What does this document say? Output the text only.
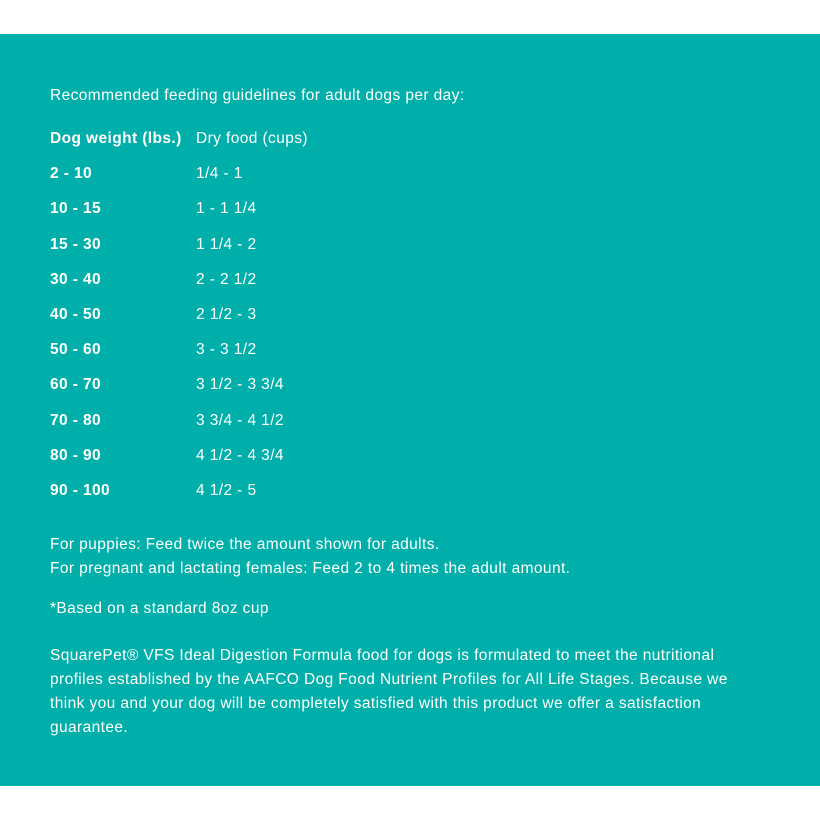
Recommended feeding guidelines for adult dogs per day:

Dog weight (lbs.) Dry food (cups)
2 - 10	1/4 - 1
10 - 15	1 - 1 1/4
15 - 30	1 1/4 - 2
30 - 40	2 - 2 1/2
40 - 50	2 1/2 - 3
50 - 60	3 - 3 1/2
60 - 70	3 1/2 - 3 3/4
70 - 80	3 3/4 - 4 1/2
80 - 90	4 1/2 - 4 3/4
90 - 100	4 1/2 - 5
For puppies: Feed twice the amount shown for adults.
For pregnant and lactating females: Feed 2 to 4 times the adult amount.

*Based on a standard 8oz cup

SquarePet® VFS Ideal Digestion Formula food for dogs is formulated to meet the nutritional profiles established by the AAFCO Dog Food Nutrient Profiles for All Life Stages. Because we think you and your dog will be completely satisfied with this product we offer a satisfaction guarantee.
